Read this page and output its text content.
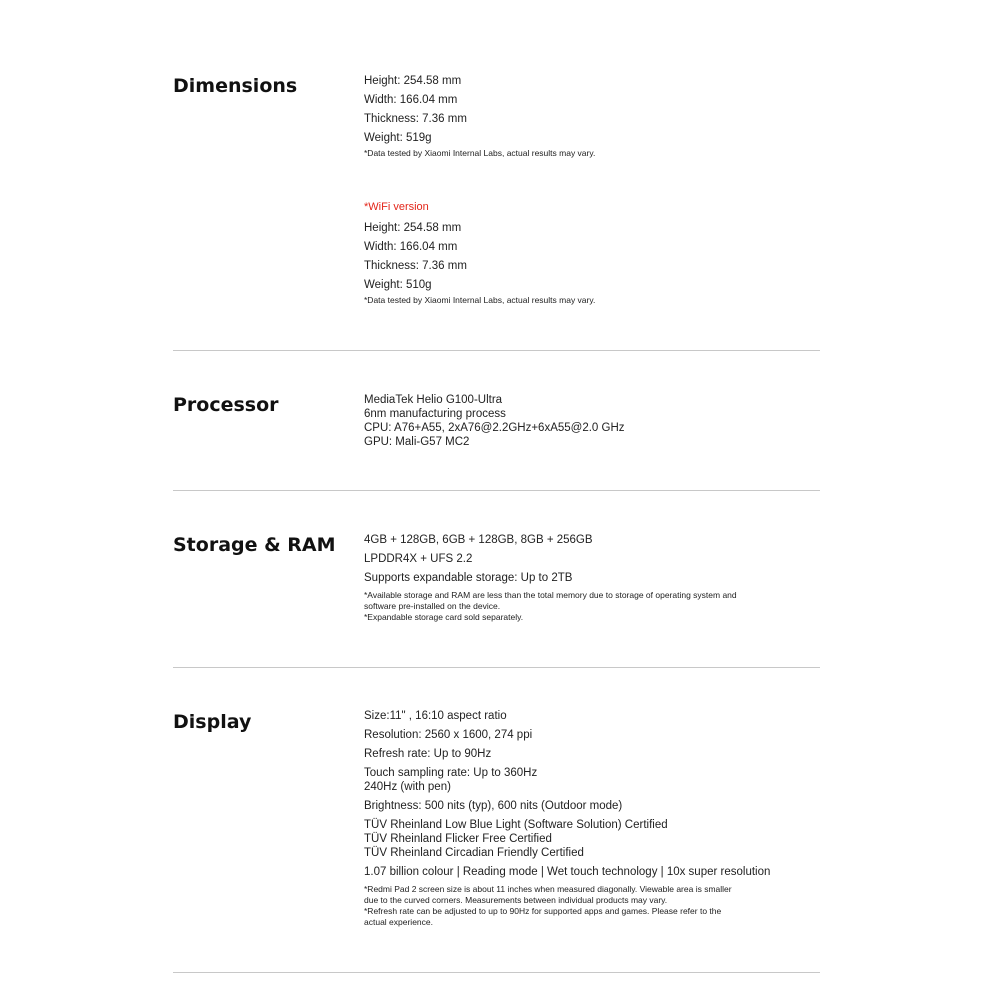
Dimensions	Height: 254.58 mm

Width: 166.04 mm

Thickness: 7.36 mm

Weight: 519g

*Data tested by Xiaomi Internal Labs, actual results may vary.

*WiFi version

Height: 254.58 mm

Width: 166.04 mm

Thickness: 7.36 mm

Weight: 510g

*Data tested by Xiaomi Internal Labs, actual results may vary.

Processor	MediaTek Helio G100-Ultra

6nm manufacturing process

CPU: A76+A55, 2xA76@2.2GHz+6xA55@2.0 GHz

GPU: Mali-G57 MC2

Storage & RAM 4GB + 128GB, 6GB + 128GB, 8GB + 256GB

LPDDR4X + UFS 2.2

Supports expandable storage: Up to 2TB

*Available storage and RAM are less than the total memory due to storage of operating system and

software pre-installed on the device.

*Expandable storage card sold separately.

Display	Size:11" , 16:10 aspect ratio

Resolution: 2560 x 1600, 274 ppi

Refresh rate: Up to 90Hz

Touch sampling rate: Up to 360Hz

240Hz (with pen)

Brightness: 500 nits (typ), 600 nits (Outdoor mode)

TÜV Rheinland Low Blue Light (Software Solution) Certified

TÜV Rheinland Flicker Free Certified

TÜV Rheinland Circadian Friendly Certified

1.07 billion colour | Reading mode | Wet touch technology | 10x super resolution

*Redmi Pad 2 screen size is about 11 inches when measured diagonally. Viewable area is smaller

due to the curved corners. Measurements between individual products may vary.

*Refresh rate can be adjusted to up to 90Hz for supported apps and games. Please refer to the

actual experience.
